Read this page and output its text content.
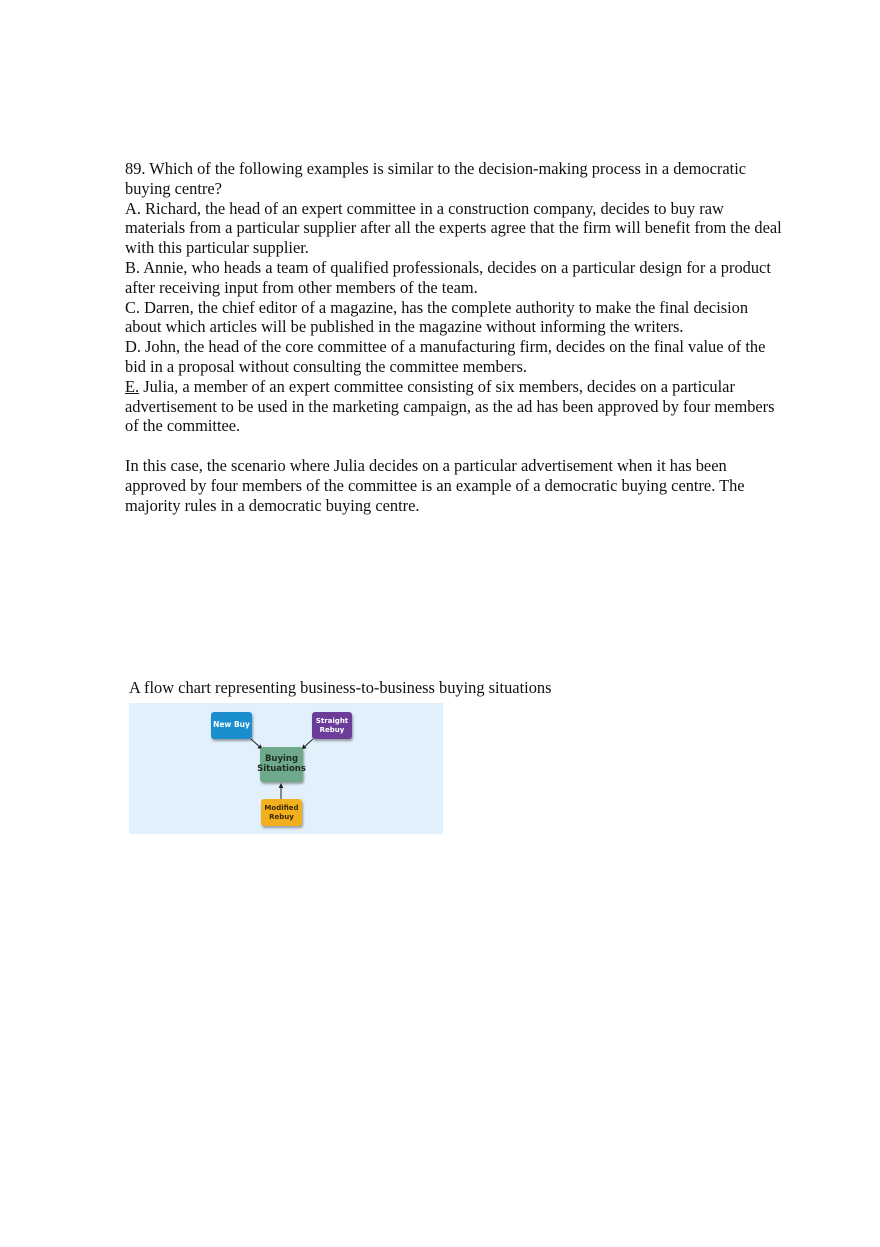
89. Which of the following examples is similar to the decision-making process in a democratic buying centre?

A. Richard, the head of an expert committee in a construction company, decides to buy raw materials from a particular supplier after all the experts agree that the firm will benefit from the deal with this particular supplier.

B. Annie, who heads a team of qualified professionals, decides on a particular design for a product after receiving input from other members of the team.

C. Darren, the chief editor of a magazine, has the complete authority to make the final decision about which articles will be published in the magazine without informing the writers.

D. John, the head of the core committee of a manufacturing firm, decides on the final value of the bid in a proposal without consulting the committee members.

E. Julia, a member of an expert committee consisting of six members, decides on a particular advertisement to be used in the marketing campaign, as the ad has been approved by four members of the committee.

In this case, the scenario where Julia decides on a particular advertisement when it has been approved by four members of the committee is an example of a democratic buying centre. The majority rules in a democratic buying centre.

A flow chart representing business-to-business buying situations
New Buy	Straight
Rebuy
Buying
Situations
Modified
Rebuy
